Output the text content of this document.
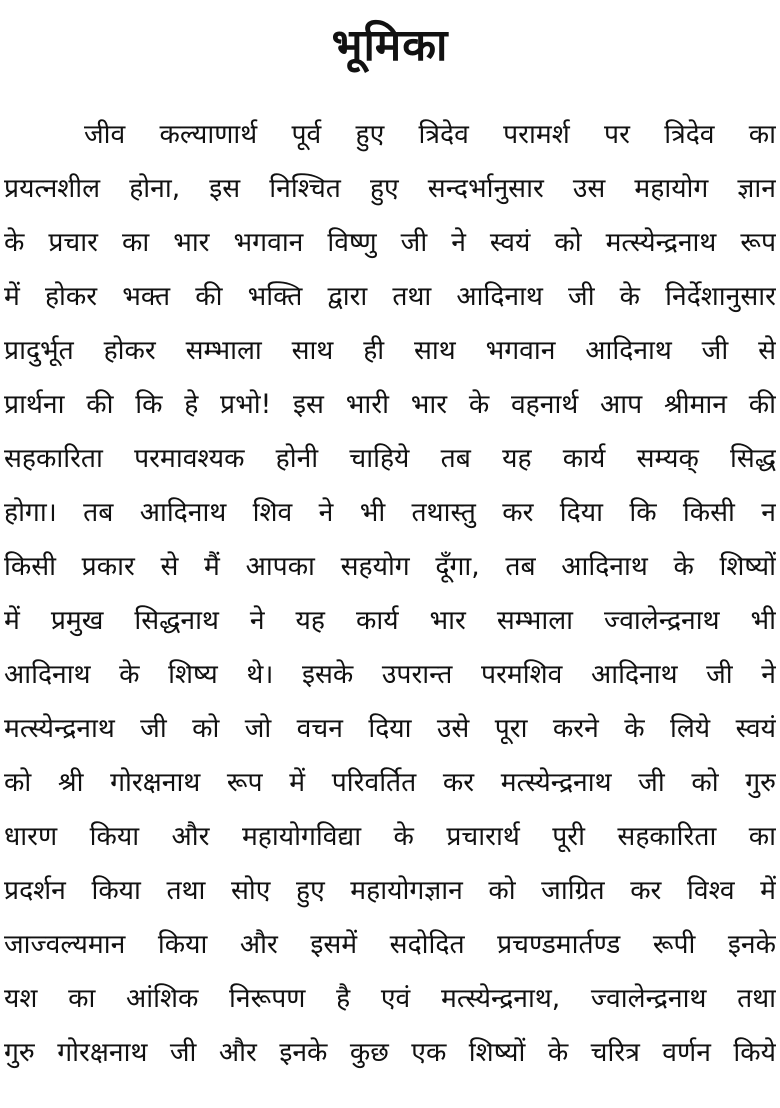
भूमिका
जीव कल्याणार्थ पूर्व हुए त्रिदेव परामर्श पर त्रिदेव का
प्रयत्नशील होना, इस निश्चित हुए सन्दर्भानुसार उस महायोग ज्ञान
के प्रचार का भार भगवान विष्णु जी ने स्वयं को मत्स्येन्द्रनाथ रूप
में होकर भक्त की भक्ति द्वारा तथा आदिनाथ जी के निर्देशानुसार
प्रादुर्भूत होकर सम्भाला साथ ही साथ भगवान आदिनाथ जी से
प्रार्थना की कि हे प्रभो! इस भारी भार के वहनार्थ आप श्रीमान की
सहकारिता परमावश्यक होनी चाहिये तब यह कार्य सम्यक् सिद्ध
होगा। तब आदिनाथ शिव ने भी तथास्तु कर दिया कि किसी न
किसी प्रकार से मैं आपका सहयोग दूँगा, तब आदिनाथ के शिष्यों
में प्रमुख सिद्धनाथ ने यह कार्य भार सम्भाला ज्वालेन्द्रनाथ भी
आदिनाथ के शिष्य थे। इसके उपरान्त परमशिव आदिनाथ जी ने
मत्स्येन्द्रनाथ जी को जो वचन दिया उसे पूरा करने के लिये स्वयं
को श्री गोरक्षनाथ रूप में परिवर्तित कर मत्स्येन्द्रनाथ जी को गुरु
धारण किया और महायोगविद्या के प्रचारार्थ पूरी सहकारिता का
प्रदर्शन किया तथा सोए हुए महायोगज्ञान को जाग्रित कर विश्व में
जाज्वल्यमान किया और इसमें सदोदित प्रचण्डमार्तण्ड रूपी इनके
यश का आंशिक निरूपण है एवं मत्स्येन्द्रनाथ, ज्वालेन्द्रनाथ तथा
गुरु गोरक्षनाथ जी और इनके कुछ एक शिष्यों के चरित्र वर्णन किये
